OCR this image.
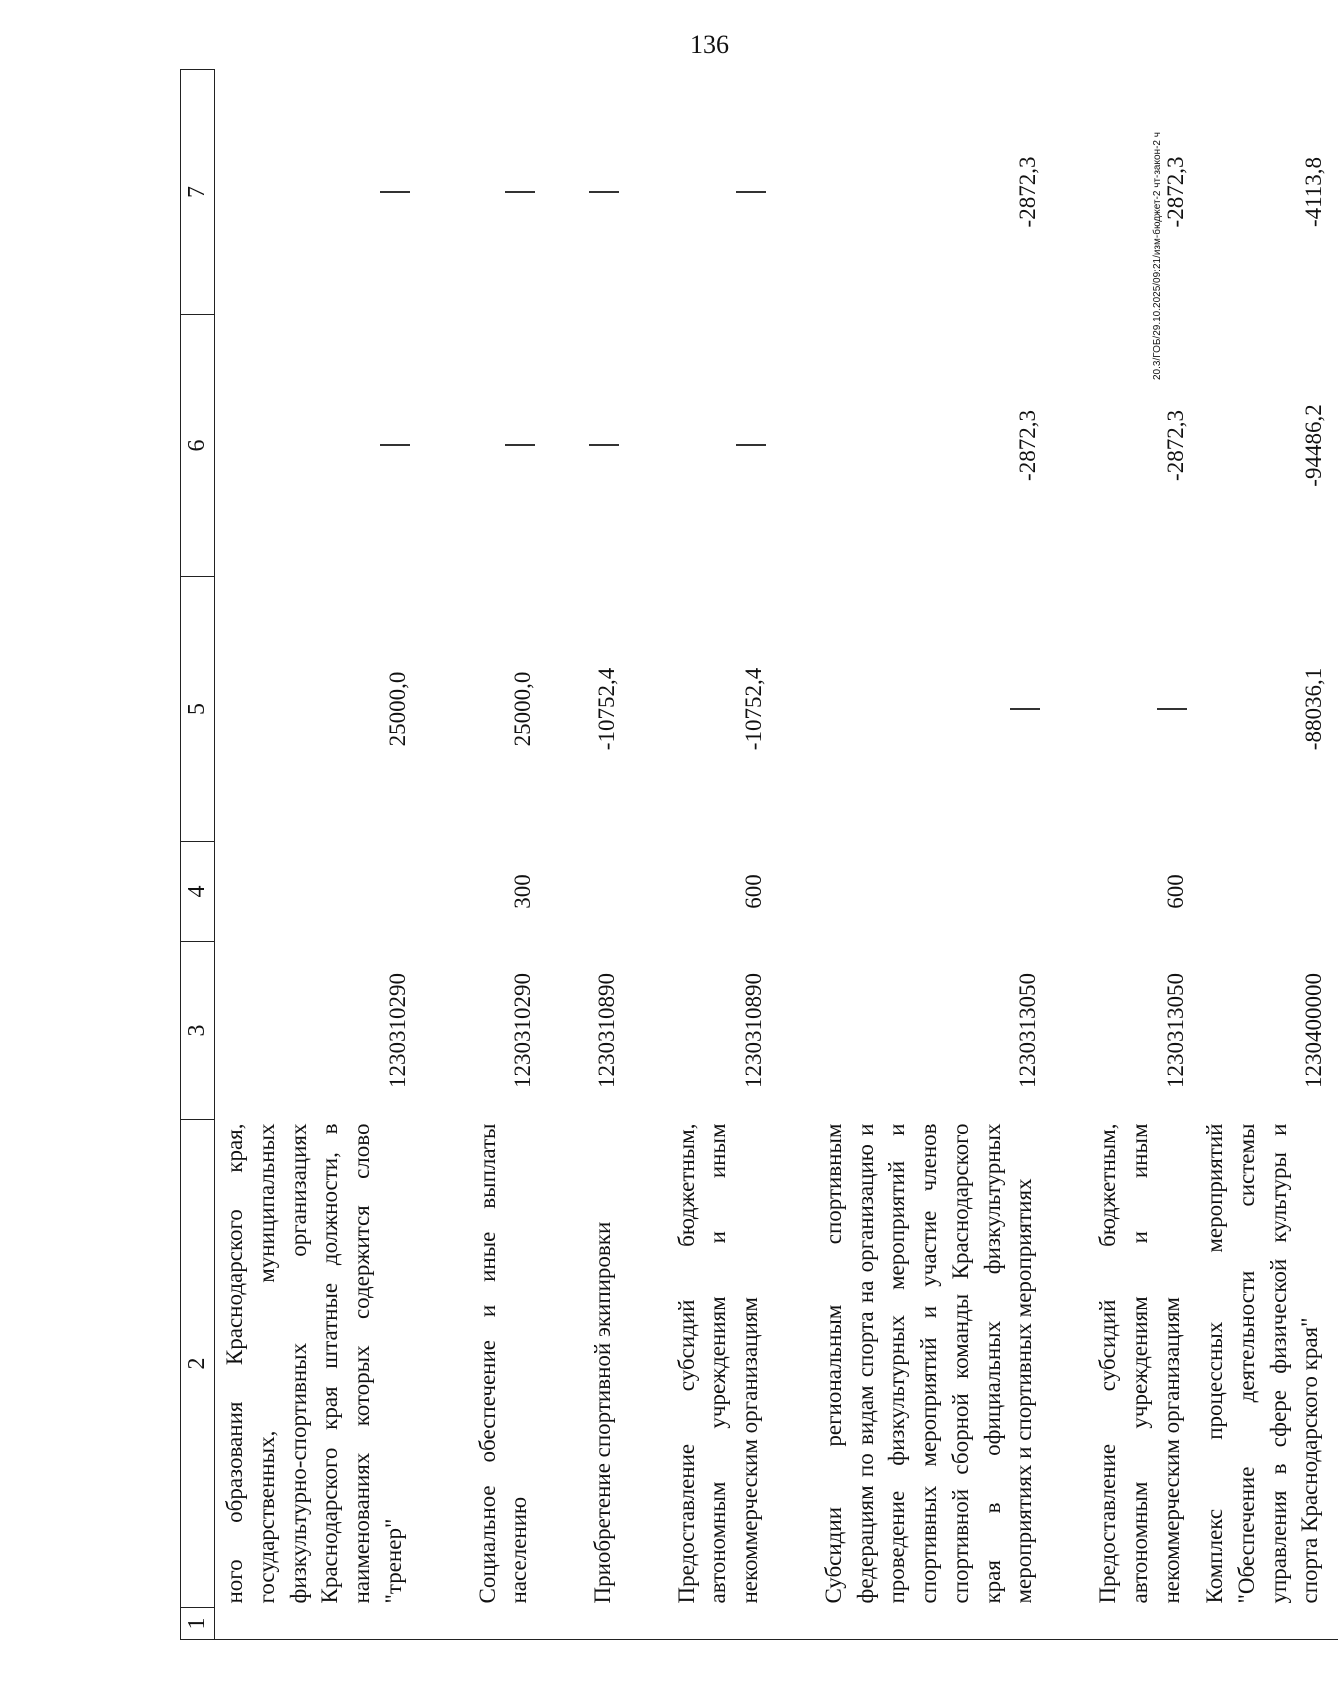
136
20.3/ГОБ/29.10.2025/09:21/изм-бюджет-2 чт-закон-2 ч
1	2	3	4	5	6	7
	ного образования Краснодарского края, государственных, муниципальных физкультурно-спортивных организациях Краснодарского края штатные должности, в наименованиях которых содержится слово "тренер"	1230310290		25000,0		
	Социальное обеспечение и иные выплаты населению	1230310290	300	25000,0		
	Приобретение спортивной экипировки	1230310890		-10752,4		
	Предоставление субсидий бюджетным, автономным учреждениям и иным некоммерческим организациям	1230310890	600	-10752,4		
	Субсидии региональным спортивным федерациям по видам спорта на организацию и проведение физкультурных мероприятий и спортивных мероприятий и участие членов спортивной сборной команды Краснодарского края в официальных физкультурных мероприятиях и спортивных мероприятиях	1230313050			-2872,3	-2872,3
	Предоставление субсидий бюджетным, автономным учреждениям и иным некоммерческим организациям	1230313050	600		-2872,3	-2872,3
	Комплекс процессных мероприятий "Обеспечение деятельности системы управления в сфере физической культуры и спорта Краснодарского края"	1230400000		-88036,1	-94486,2	-4113,8
